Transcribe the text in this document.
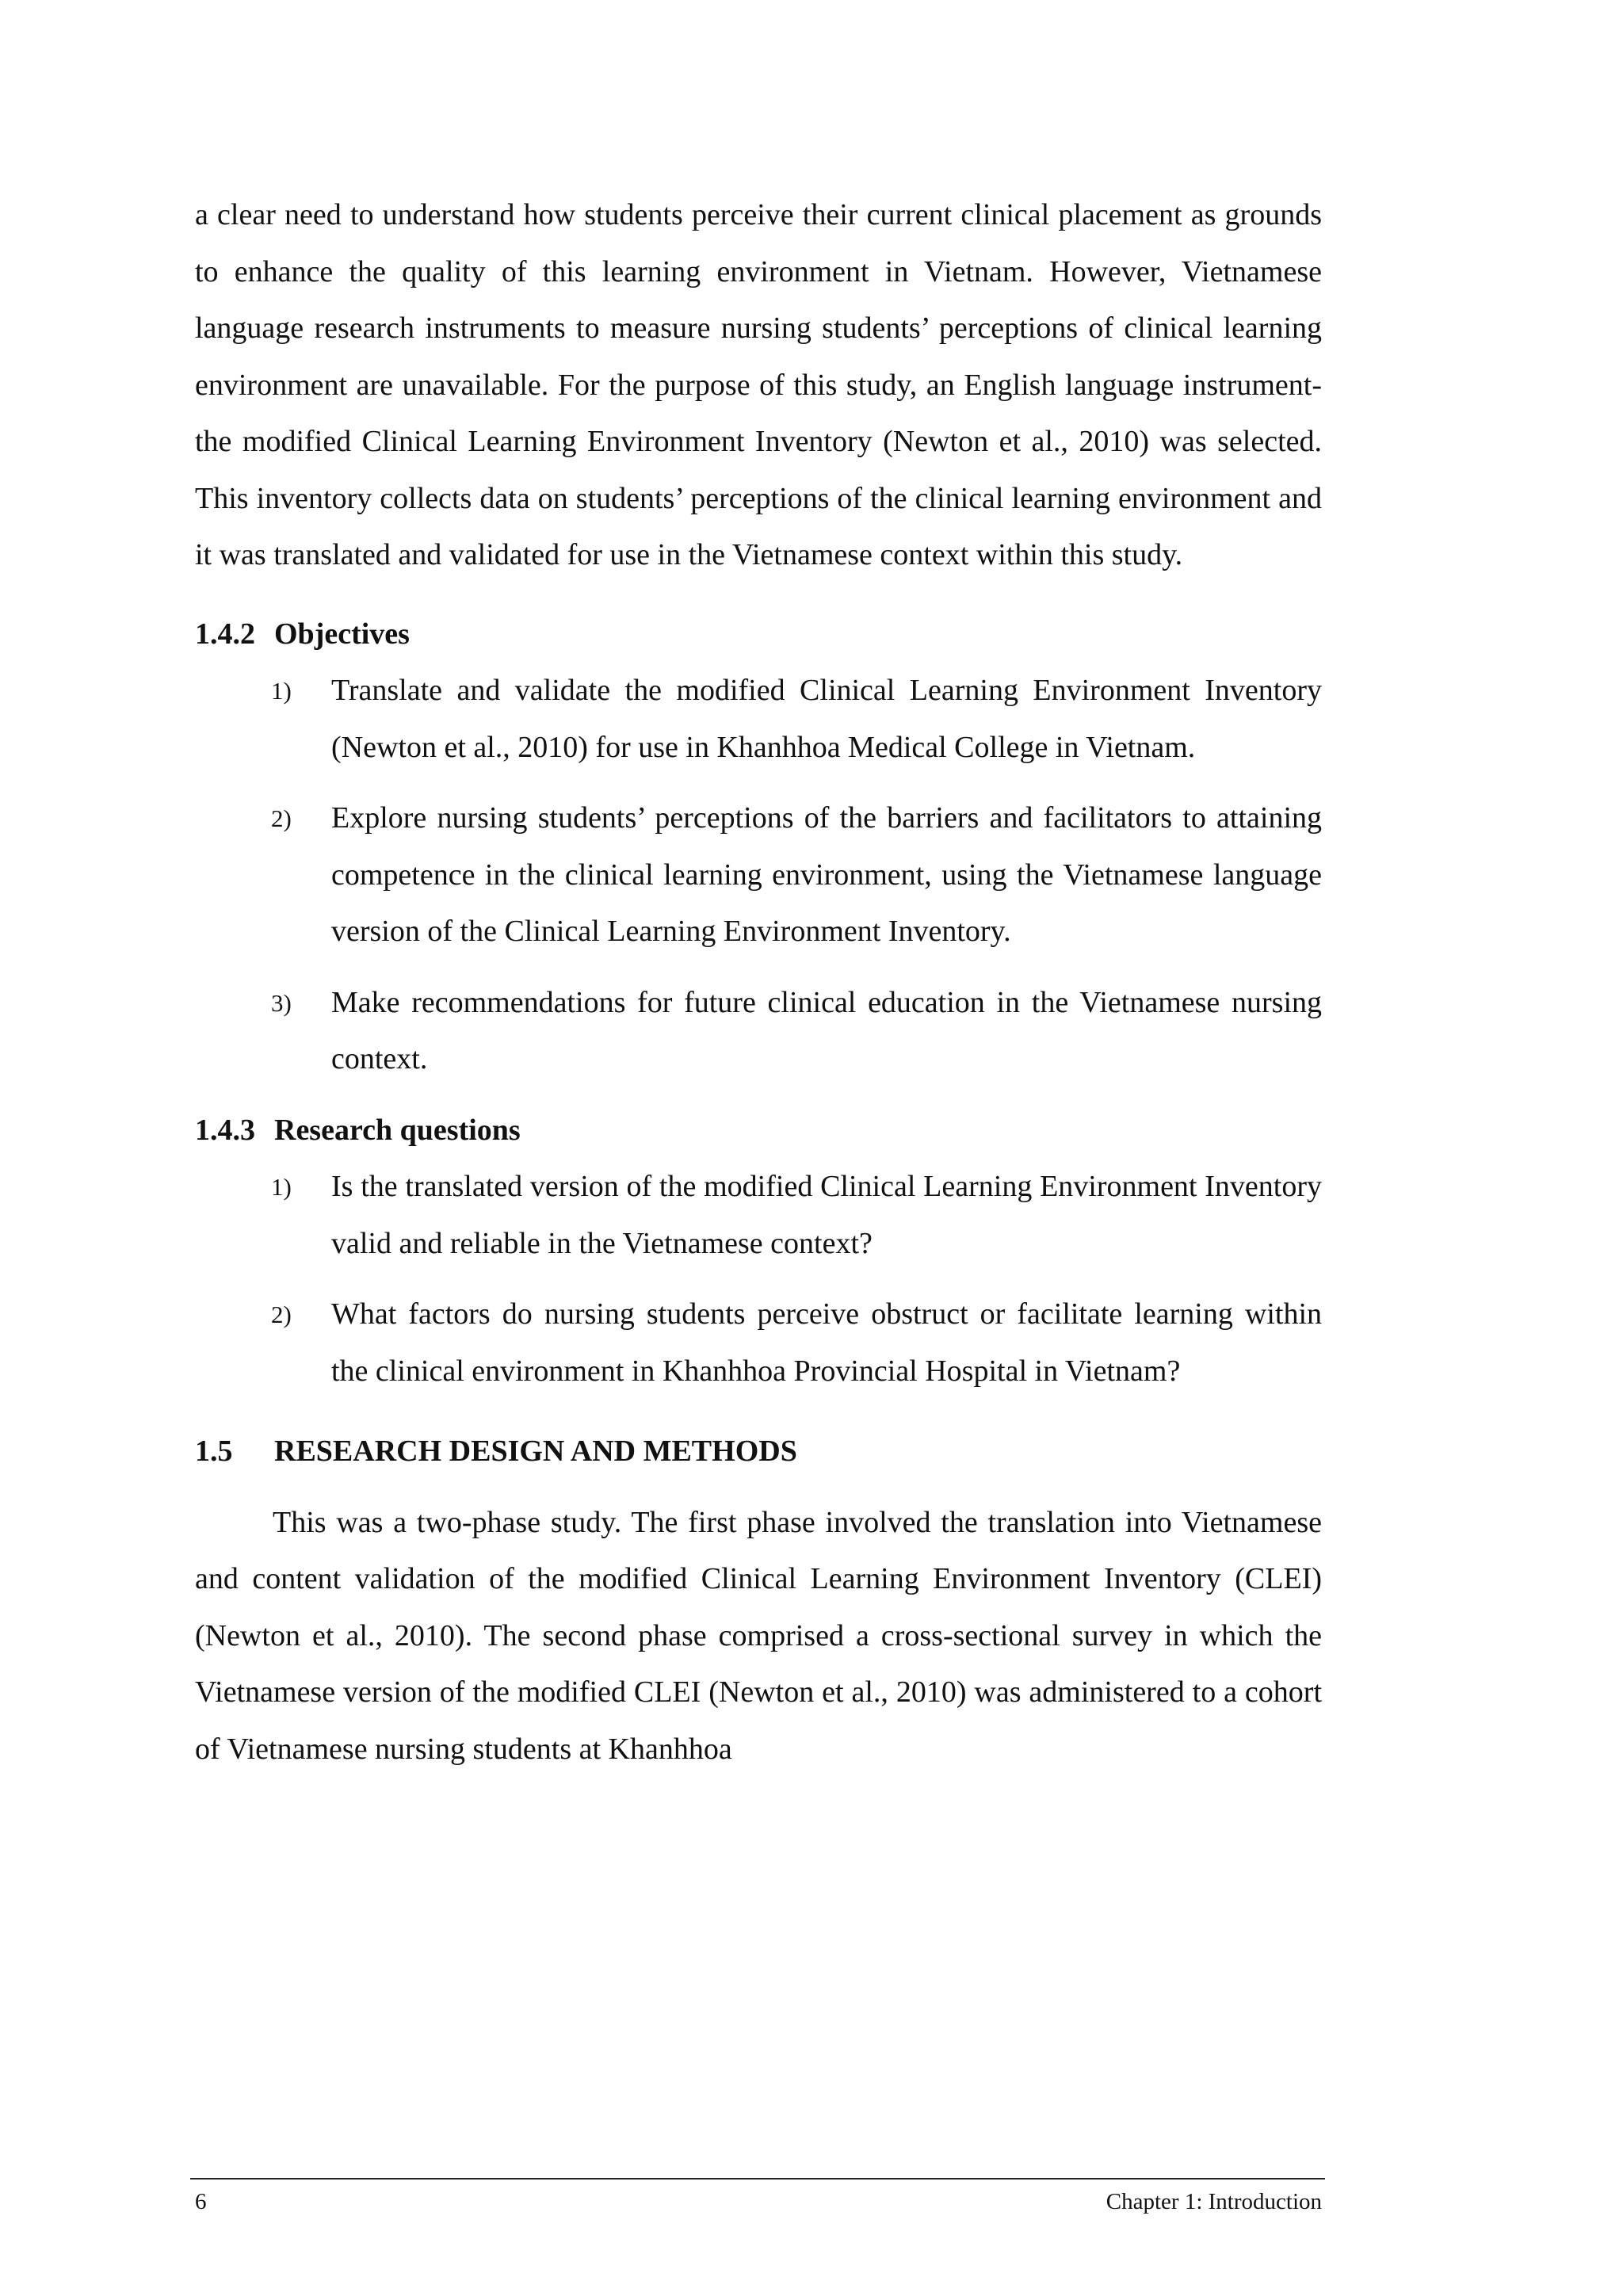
a clear need to understand how students perceive their current clinical placement as grounds to enhance the quality of this learning environment in Vietnam. However, Vietnamese language research instruments to measure nursing students’ perceptions of clinical learning environment are unavailable. For the purpose of this study, an English language instrument-the modified Clinical Learning Environment Inventory (Newton et al., 2010) was selected. This inventory collects data on students’ perceptions of the clinical learning environment and it was translated and validated for use in the Vietnamese context within this study.

1.4.2 Objectives
1) Translate and validate the modified Clinical Learning Environment Inventory (Newton et al., 2010) for use in Khanhhoa Medical College in Vietnam.
2) Explore nursing students’ perceptions of the barriers and facilitators to attaining competence in the clinical learning environment, using the Vietnamese language version of the Clinical Learning Environment Inventory.
3) Make recommendations for future clinical education in the Vietnamese nursing context.
1.4.3 Research questions
1) Is the translated version of the modified Clinical Learning Environment Inventory valid and reliable in the Vietnamese context?
2) What factors do nursing students perceive obstruct or facilitate learning within the clinical environment in Khanhhoa Provincial Hospital in Vietnam?
1.5 RESEARCH DESIGN AND METHODS

This was a two-phase study. The first phase involved the translation into Vietnamese and content validation of the modified Clinical Learning Environment Inventory (CLEI) (Newton et al., 2010). The second phase comprised a cross-sectional survey in which the Vietnamese version of the modified CLEI (Newton et al., 2010) was administered to a cohort of Vietnamese nursing students at Khanhhoa

6	Chapter 1: Introduction
